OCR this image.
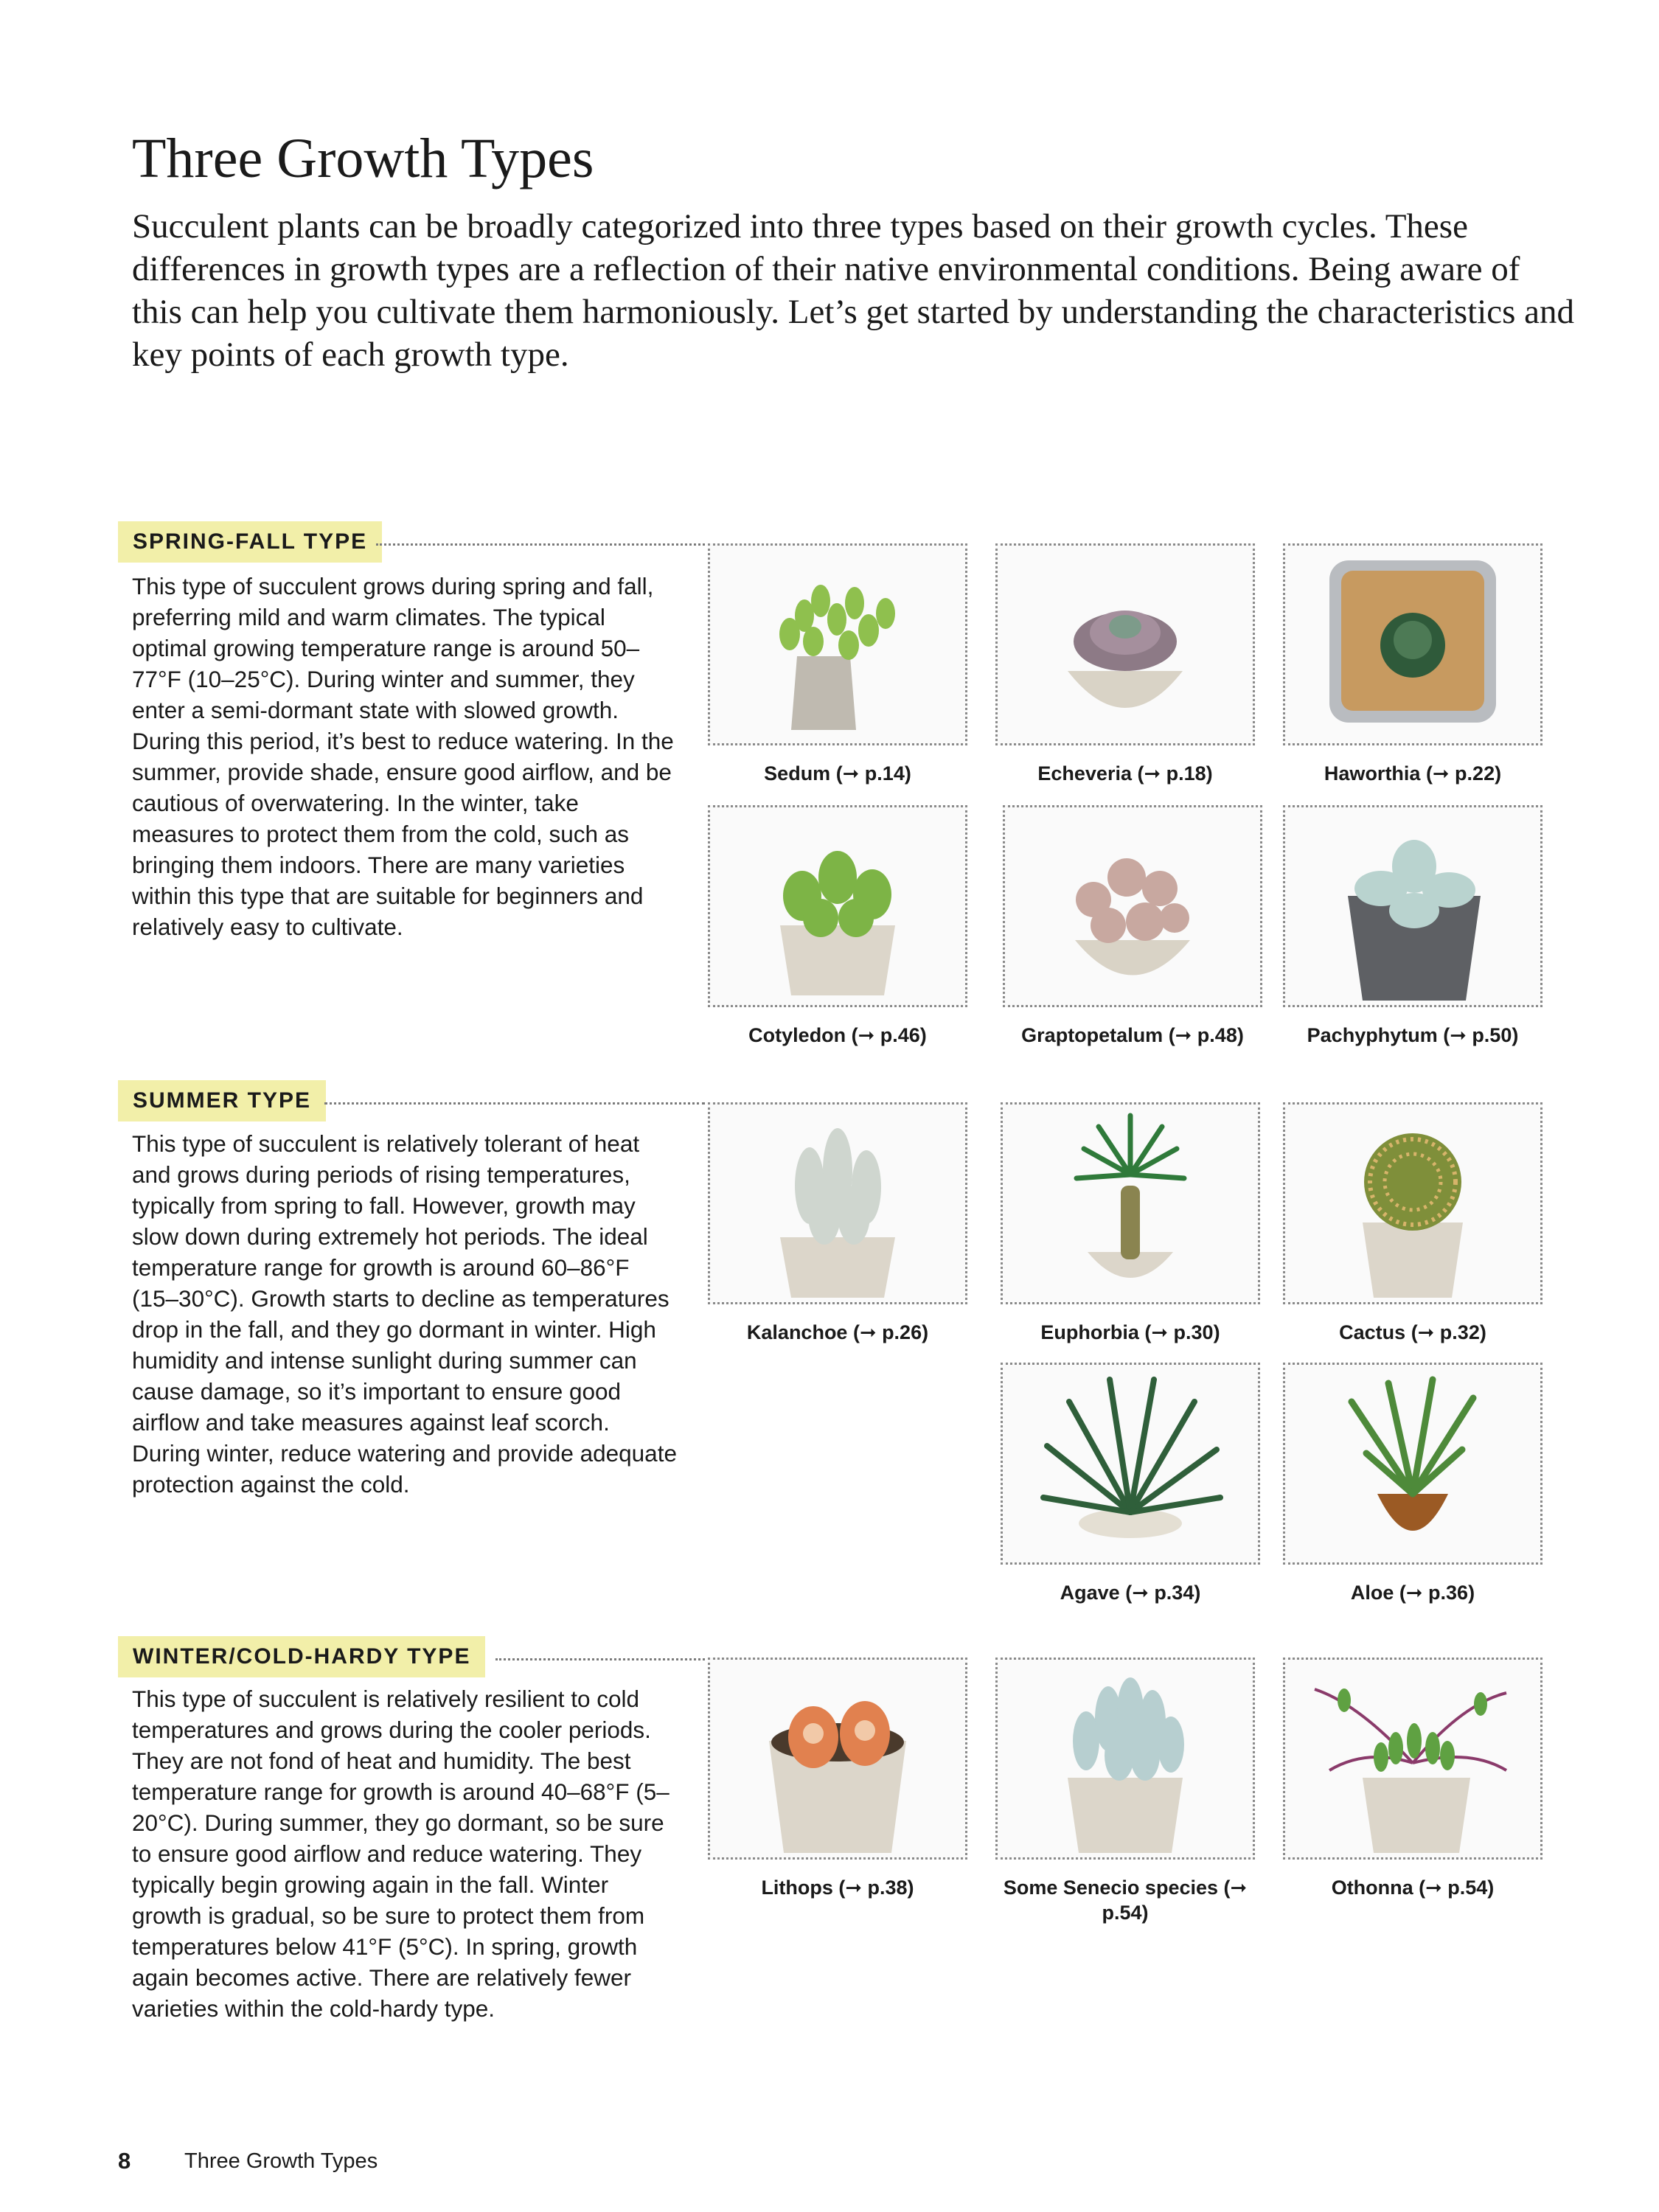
Three Growth Types

Succulent plants can be broadly categorized into three types based on their growth cycles. These differences in growth types are a reflection of their native environmental conditions. Being aware of this can help you cultivate them harmoniously. Let’s get started by understanding the characteristics and key points of each growth type.

SPRING-FALL TYPE

This type of succulent grows during spring and fall, preferring mild and warm climates. The typical optimal growing temperature range is around 50–77°F (10–25°C). During winter and summer, they enter a semi-dormant state with slowed growth. During this period, it’s best to reduce watering. In the summer, provide shade, ensure good airflow, and be cautious of overwatering. In the winter, take measures to protect them from the cold, such as bringing them indoors. There are many varieties within this type that are suitable for beginners and relatively easy to cultivate.

Sedum (➞ p.14)	Echeveria (➞ p.18)	Haworthia (➞ p.22)
Cotyledon (➞ p.46)	Graptopetalum (➞ p.48)	Pachyphytum (➞ p.50)
SUMMER TYPE

This type of succulent is relatively tolerant of heat and grows during periods of rising temperatures, typically from spring to fall. However, growth may slow down during extremely hot periods. The ideal temperature range for growth is around 60–86°F (15–30°C). Growth starts to decline as temperatures drop in the fall, and they go dormant in winter. High humidity and intense sunlight during summer can cause damage, so it’s important to ensure good airflow and take measures against leaf scorch. During winter, reduce watering and provide adequate protection against the cold.

Kalanchoe (➞ p.26)	Euphorbia (➞ p.30)	Cactus (➞ p.32)
Agave (➞ p.34)	Aloe (➞ p.36)
WINTER/COLD-HARDY TYPE

This type of succulent is relatively resilient to cold temperatures and grows during the cooler periods. They are not fond of heat and humidity. The best temperature range for growth is around 40–68°F (5–20°C). During summer, they go dormant, so be sure to ensure good airflow and reduce watering. They typically begin growing again in the fall. Winter growth is gradual, so be sure to protect them from temperatures below 41°F (5°C). In spring, growth again becomes active. There are relatively fewer varieties within the cold-hardy type.

Lithops (➞ p.38)	Some Senecio species (➞ p.54)
Othonna (➞ p.54)
8	Three Growth Types
